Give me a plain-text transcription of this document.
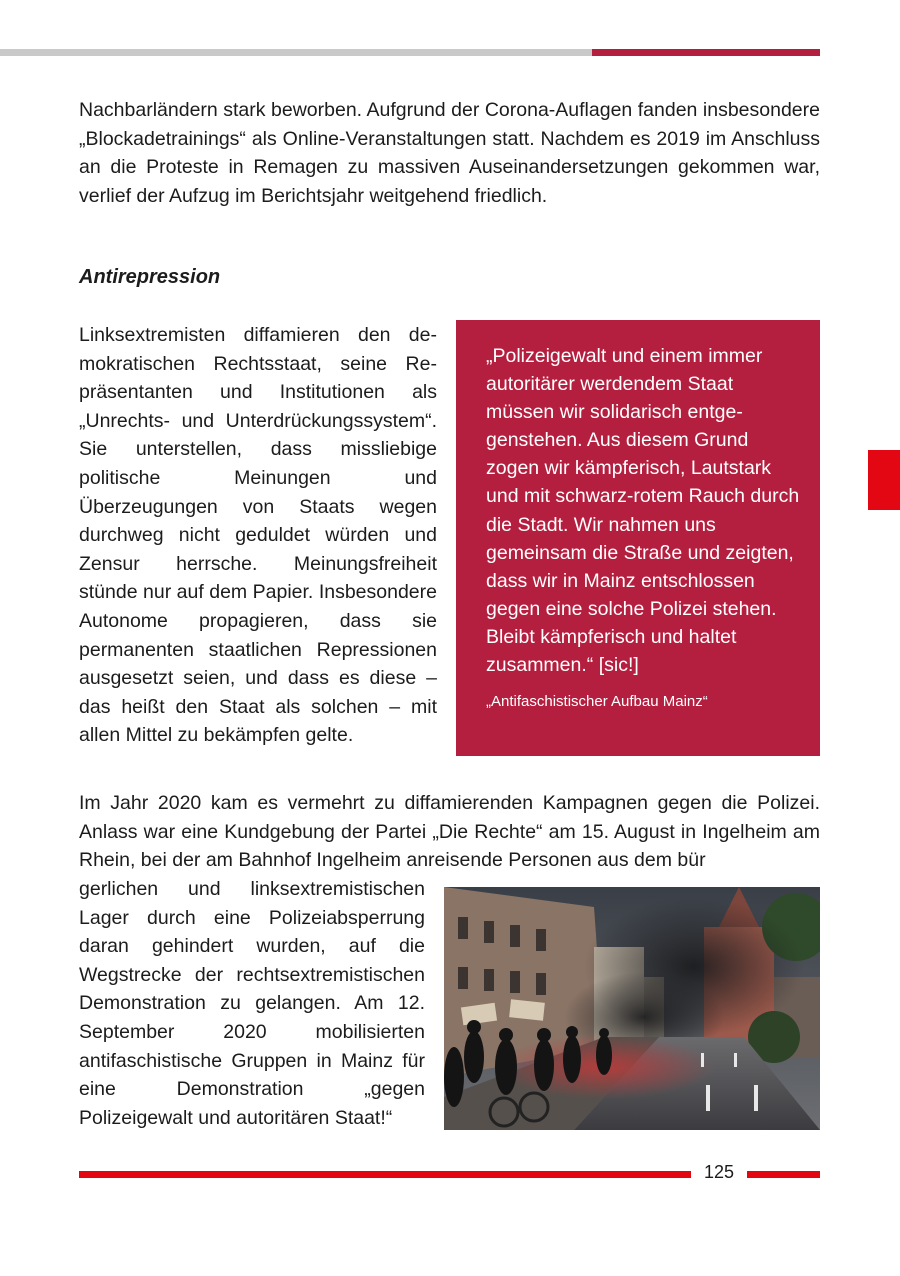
Nachbarländern stark beworben. Aufgrund der Corona-Auflagen fanden insbesondere „Blockadetrainings“ als Online-Veranstaltungen statt. Nachdem es 2019 im Anschluss an die Proteste in Remagen zu massiven Auseinandersetzungen gekommen war, verlief der Aufzug im Berichtsjahr weitgehend friedlich.

Antirepression

Linksextremisten diffamieren den demokratischen Rechtsstaat, seine Repräsentanten und Institutionen als „Unrechts- und Unterdrückungssystem“. Sie unterstellen, dass missliebige politische Meinungen und Überzeugungen von Staats wegen durchweg nicht geduldet würden und Zensur herrsche. Meinungsfreiheit stünde nur auf dem Papier. Insbesondere Autonome propagieren, dass sie permanenten staatlichen Repressionen ausgesetzt seien, und dass es diese – das heißt den Staat als solchen – mit allen Mittel zu bekämpfen gelte.

„Polizeigewalt und einem immer autoritärer werdendem Staat müssen wir solidarisch entgegenstehen. Aus diesem Grund zogen wir kämpferisch, Lautstark und mit schwarz-rotem Rauch durch die Stadt. Wir nahmen uns gemeinsam die Straße und zeigten, dass wir in Mainz entschlossen gegen eine solche Polizei stehen. Bleibt kämpferisch und haltet zusammen.“ [sic!]

„Antifaschistischer Aufbau Mainz“

Im Jahr 2020 kam es vermehrt zu diffamierenden Kampagnen gegen die Polizei. Anlass war eine Kundgebung der Partei „Die Rechte“ am 15. August in Ingelheim am Rhein, bei der am Bahnhof Ingelheim anreisende Personen aus dem bür

gerlichen und linksextremistischen Lager durch eine Polizeiabsperrung daran gehindert wurden, auf die Wegstrecke der rechtsextremistischen Demonstration zu gelangen. Am 12. September 2020 mobilisierten antifaschistische Gruppen in Mainz für eine Demonstration „gegen Polizeigewalt und autoritären Staat!“

125
